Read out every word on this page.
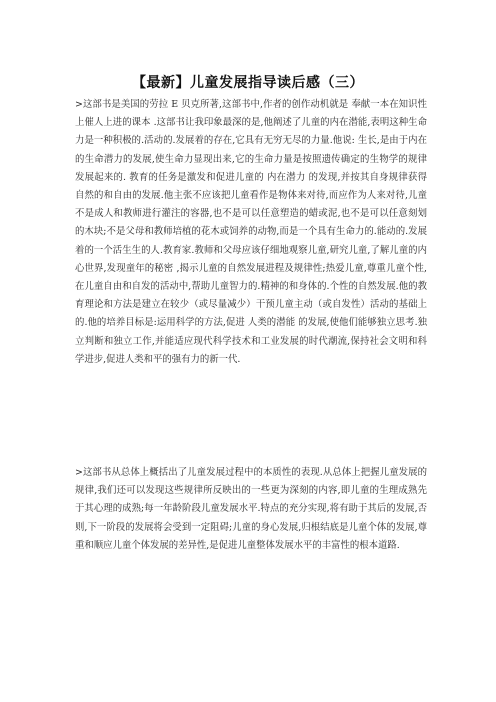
【最新】儿童发展指导读后感（三）

>这部书是美国的劳拉 E 贝克所著,这部书中,作者的创作动机就是 奉献一本在知识性上催人上进的课本 .这部书让我印象最深的是,他阐述了儿童的内在潜能,表明这种生命力是一种积极的.活动的.发展着的存在,它具有无穷无尽的力量.他说: 生长,是由于内在的生命潜力的发展,使生命力显现出来,它的生命力量是按照遗传确定的生物学的规律发展起来的. 教育的任务是激发和促进儿童的 内在潜力 的发现,并按其自身规律获得自然的和自由的发展.他主张不应该把儿童看作是物体来对待,而应作为人来对待,儿童不是成人和教师进行灌注的容器,也不是可以任意塑造的蜡或泥,也不是可以任意刻划的木块;不是父母和教师培植的花木或饲养的动物,而是一个具有生命力的.能动的.发展着的一个活生生的人.教育家.教师和父母应该仔细地观察儿童,研究儿童,了解儿童的内心世界,发现童年的秘密 ,揭示儿童的自然发展进程及规律性;热爱儿童,尊重儿童个性,在儿童自由和自发的活动中,帮助儿童智力的.精神的和身体的.个性的自然发展.他的教育理论和方法是建立在较少（或尽量减少）干预儿童主动（或自发性）活动的基础上的.他的培养目标是:运用科学的方法,促进 人类的潜能 的发展,使他们能够独立思考.独立判断和独立工作,并能适应现代科学技术和工业发展的时代潮流,保持社会文明和科学进步,促进人类和平的强有力的新一代.

>这部书从总体上概括出了儿童发展过程中的本质性的表现.从总体上把握儿童发展的规律,我们还可以发现这些规律所反映出的一些更为深刻的内容,即儿童的生理成熟先于其心理的成熟;每一年龄阶段儿童发展水平.特点的充分实现,将有助于其后的发展,否则,下一阶段的发展将会受到一定阻碍;儿童的身心发展,归根结底是儿童个体的发展,尊重和顺应儿童个体发展的差异性,是促进儿童整体发展水平的丰富性的根本道路.
